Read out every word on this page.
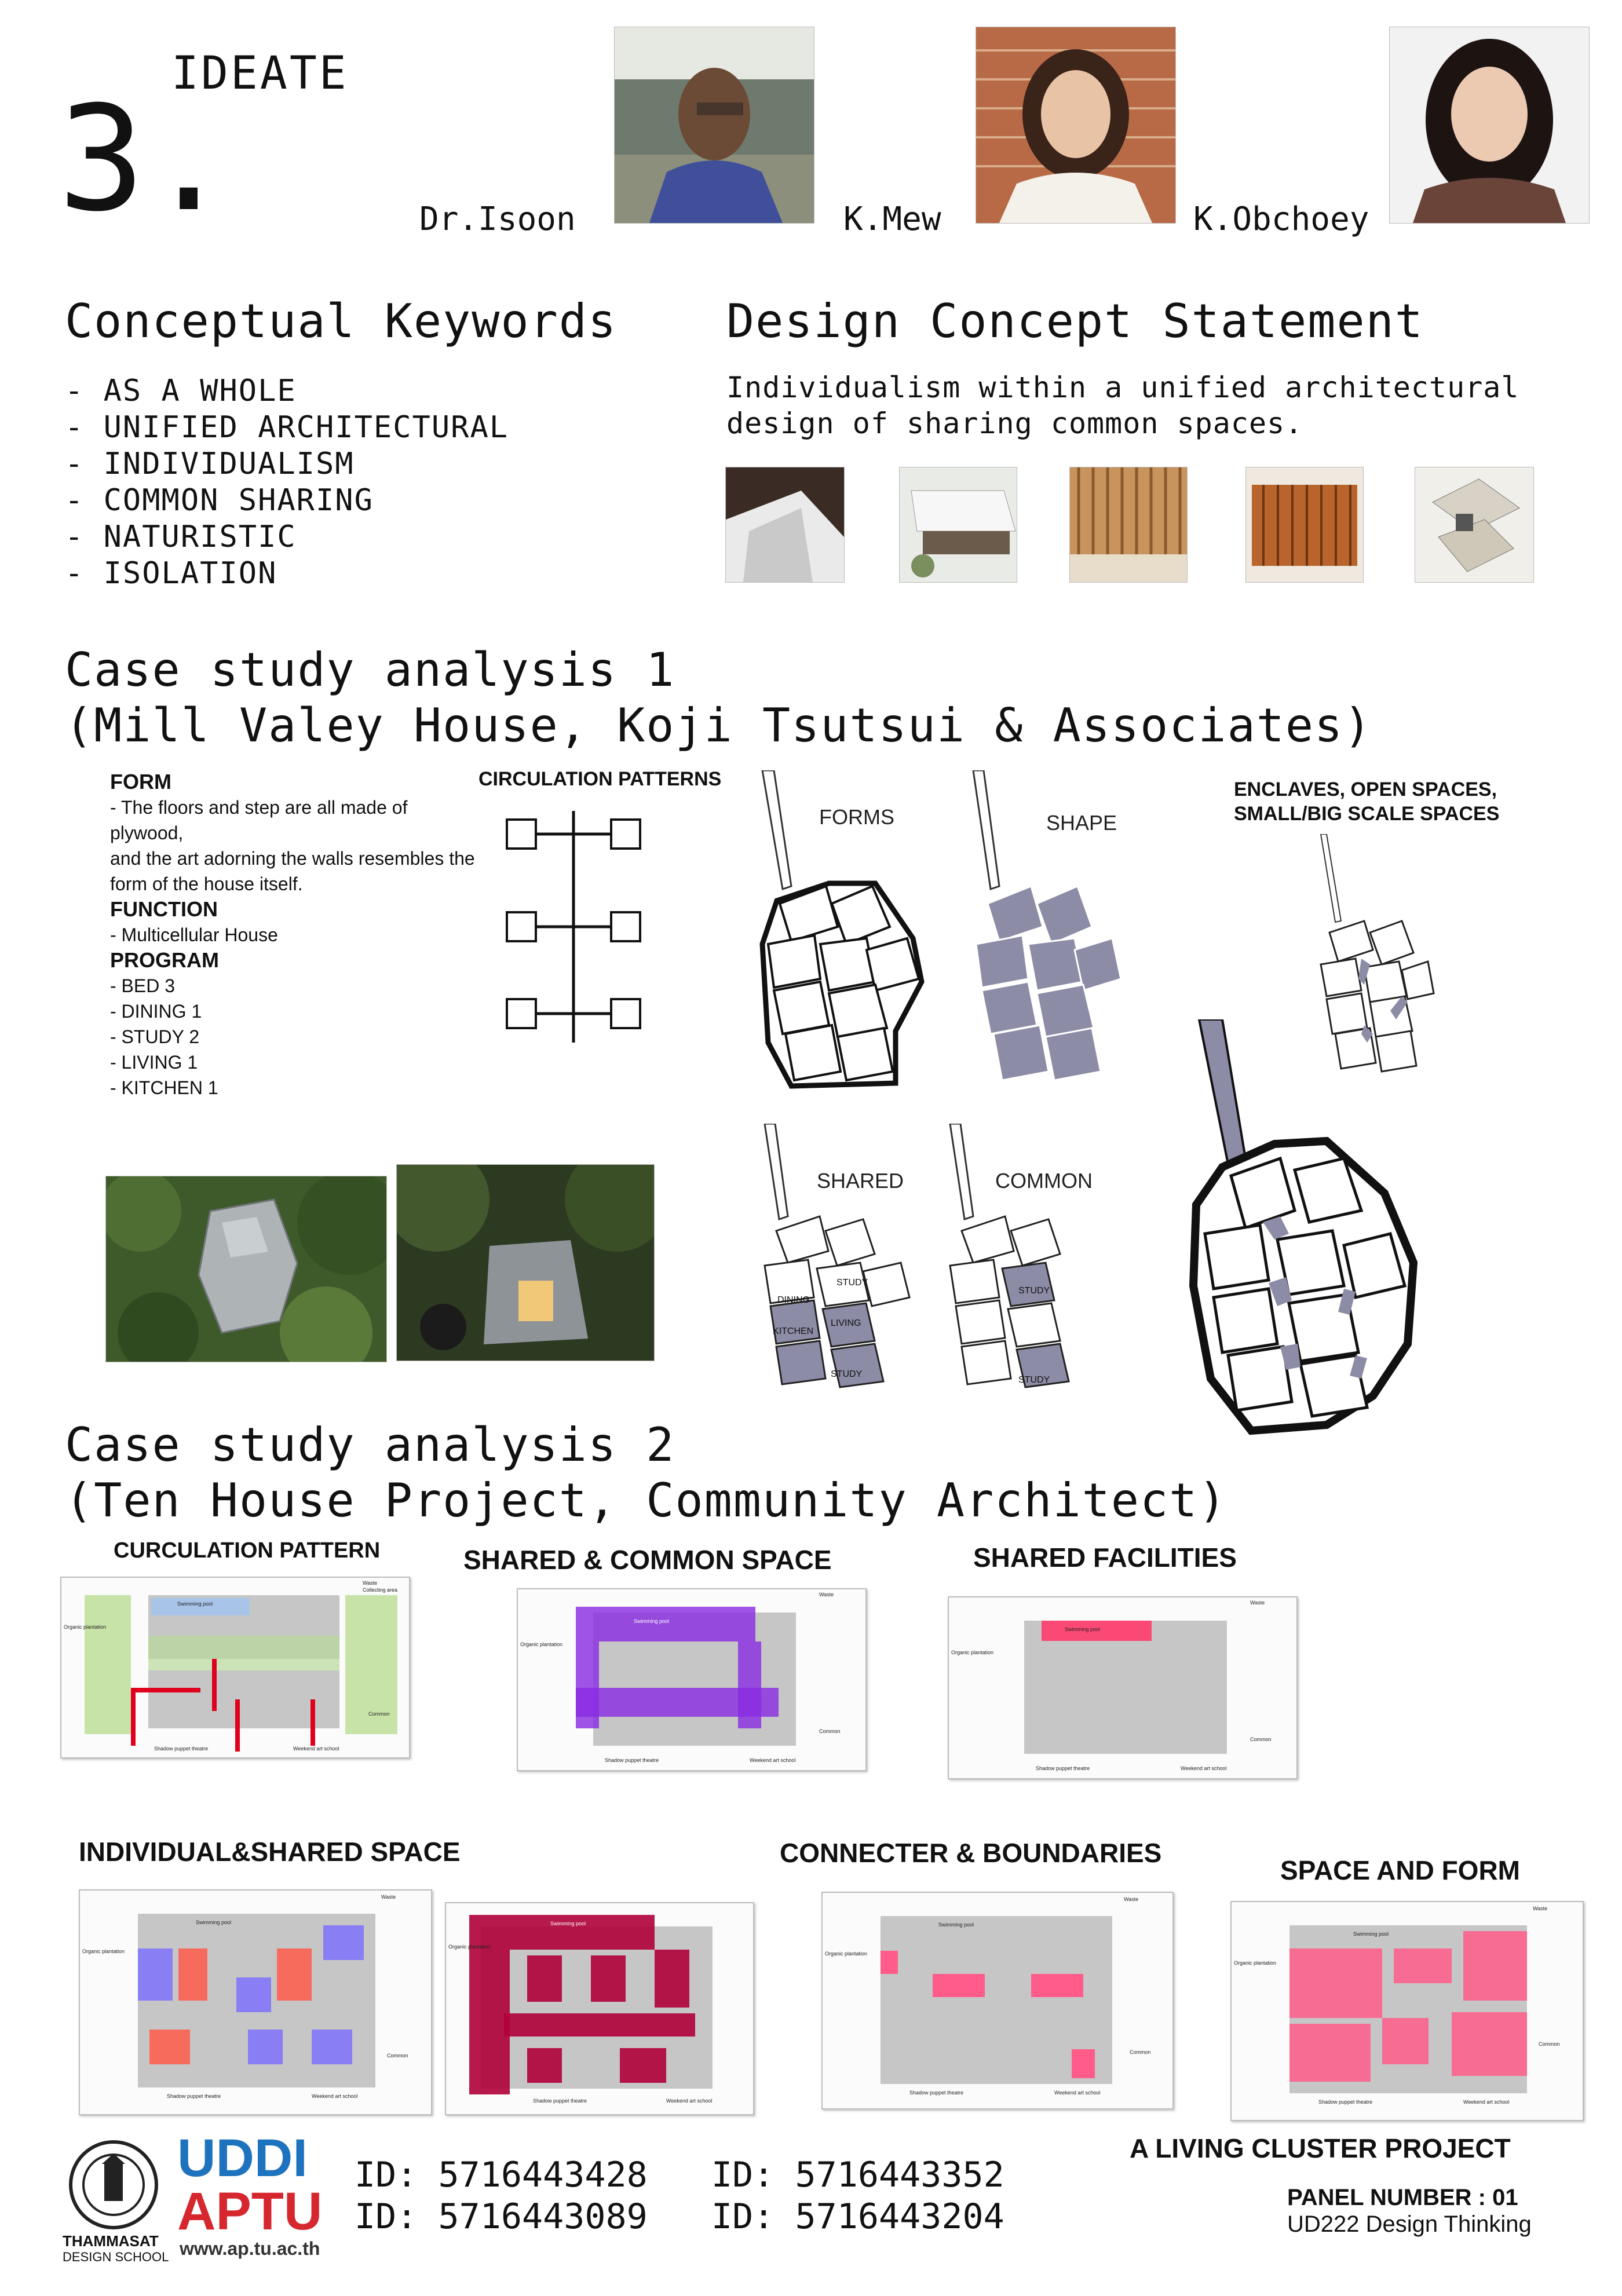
IDEATE
3.	Dr.Isoon	K.Mew	K.Obchoey
Conceptual Keywords
- AS A WHOLE
- UNIFIED ARCHITECTURAL
- INDIVIDUALISM
- COMMON SHARING
- NATURISTIC
- ISOLATION
Design Concept Statement
Individualism within a unified architectural
design of sharing common spaces.
Case study analysis 1
(Mill Valey House, Koji Tsutsui & Associates)
FORM
- The floors and step are all made of plywood,
and the art adorning the walls resembles the
form of the house itself.
FUNCTION
- Multicellular House
PROGRAM
- BED 3
- DINING 1
- STUDY 2
- LIVING 1
- KITCHEN 1
CIRCULATION PATTERNS
FORMS	SHAPE
ENCLAVES, OPEN SPACES,
SMALL/BIG SCALE SPACES
SHARED
DINING
KITCHEN
STUDY
LIVING
STUDY
COMMON
STUDY
STUDY
Case study analysis 2
(Ten House Project, Community Architect)
CURCULATION PATTERN	SHARED & COMMON SPACE	SHARED FACILITIES
Swimming pool
Organic plantation
Waste
Collecting area
Common
Shadow puppet theatre	Weekend art school
Swimming pool
Organic plantation
Waste
Common
Shadow puppet theatre	Weekend art school
Swimming pool
Organic plantation
Waste
Common
Shadow puppet theatre	Weekend art school
INDIVIDUAL&SHARED SPACE	CONNECTER & BOUNDARIES
SPACE AND FORM
Swimming pool
Organic plantation
Waste
Common
Shadow puppet theatre	Weekend art school
Swimming pool
Organic plantation
Shadow puppet theatre	Weekend art school
Swimming pool
Organic plantation
Waste
Common
Shadow puppet theatre	Weekend art school
Swimming pool
Organic plantation
Waste
Common
Shadow puppet theatre	Weekend art school
THAMMASAT
DESIGN SCHOOL
UDDI
APTU
www.ap.tu.ac.th
ID: 5716443428 ID: 5716443352
ID: 5716443089 ID: 5716443204
A LIVING CLUSTER PROJECT
PANEL NUMBER : 01
UD222 Design Thinking
